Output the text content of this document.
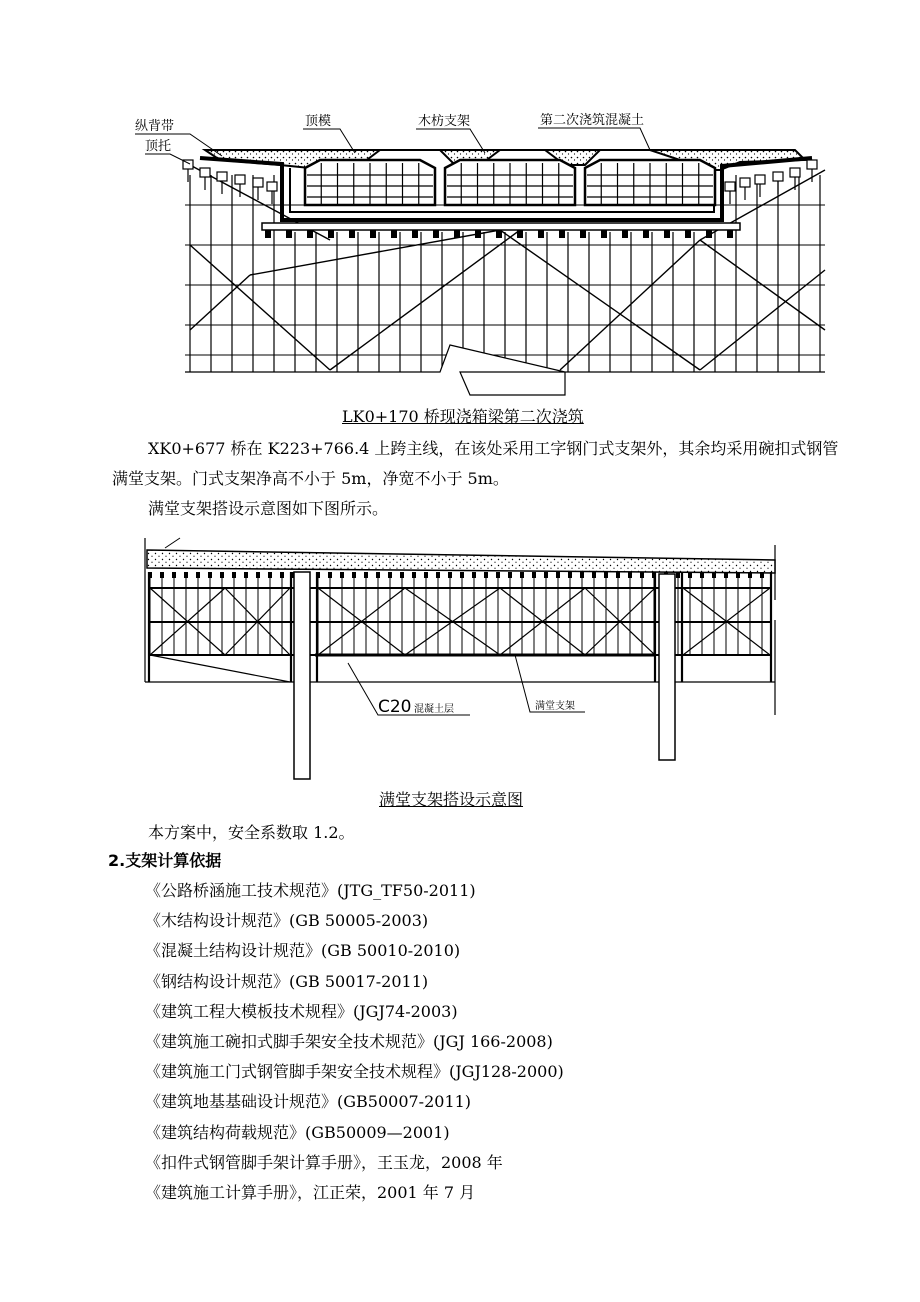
纵背带
顶托
顶模	木枋支架	第二次浇筑混凝土
LK0+170 桥现浇箱梁第二次浇筑

XK0+677 桥在 K223+766.4 上跨主线，在该处采用工字钢门式支架外，其余均采用碗扣式钢管满堂支架。门式支架净高不小于 5m，净宽不小于 5m。

满堂支架搭设示意图如下图所示。

C20 混凝土层	满堂支架
满堂支架搭设示意图

本方案中，安全系数取 1.2。

2.支架计算依据
《公路桥涵施工技术规范》(JTG_TF50-2011)
《木结构设计规范》(GB 50005-2003)
《混凝土结构设计规范》(GB 50010-2010)
《钢结构设计规范》(GB 50017-2011)
《建筑工程大模板技术规程》(JGJ74-2003)
《建筑施工碗扣式脚手架安全技术规范》(JGJ 166-2008)
《建筑施工门式钢管脚手架安全技术规程》(JGJ128-2000)
《建筑地基基础设计规范》(GB50007-2011)
《建筑结构荷载规范》(GB50009—2001)
《扣件式钢管脚手架计算手册》，王玉龙，2008 年
《建筑施工计算手册》，江正荣，2001 年 7 月
